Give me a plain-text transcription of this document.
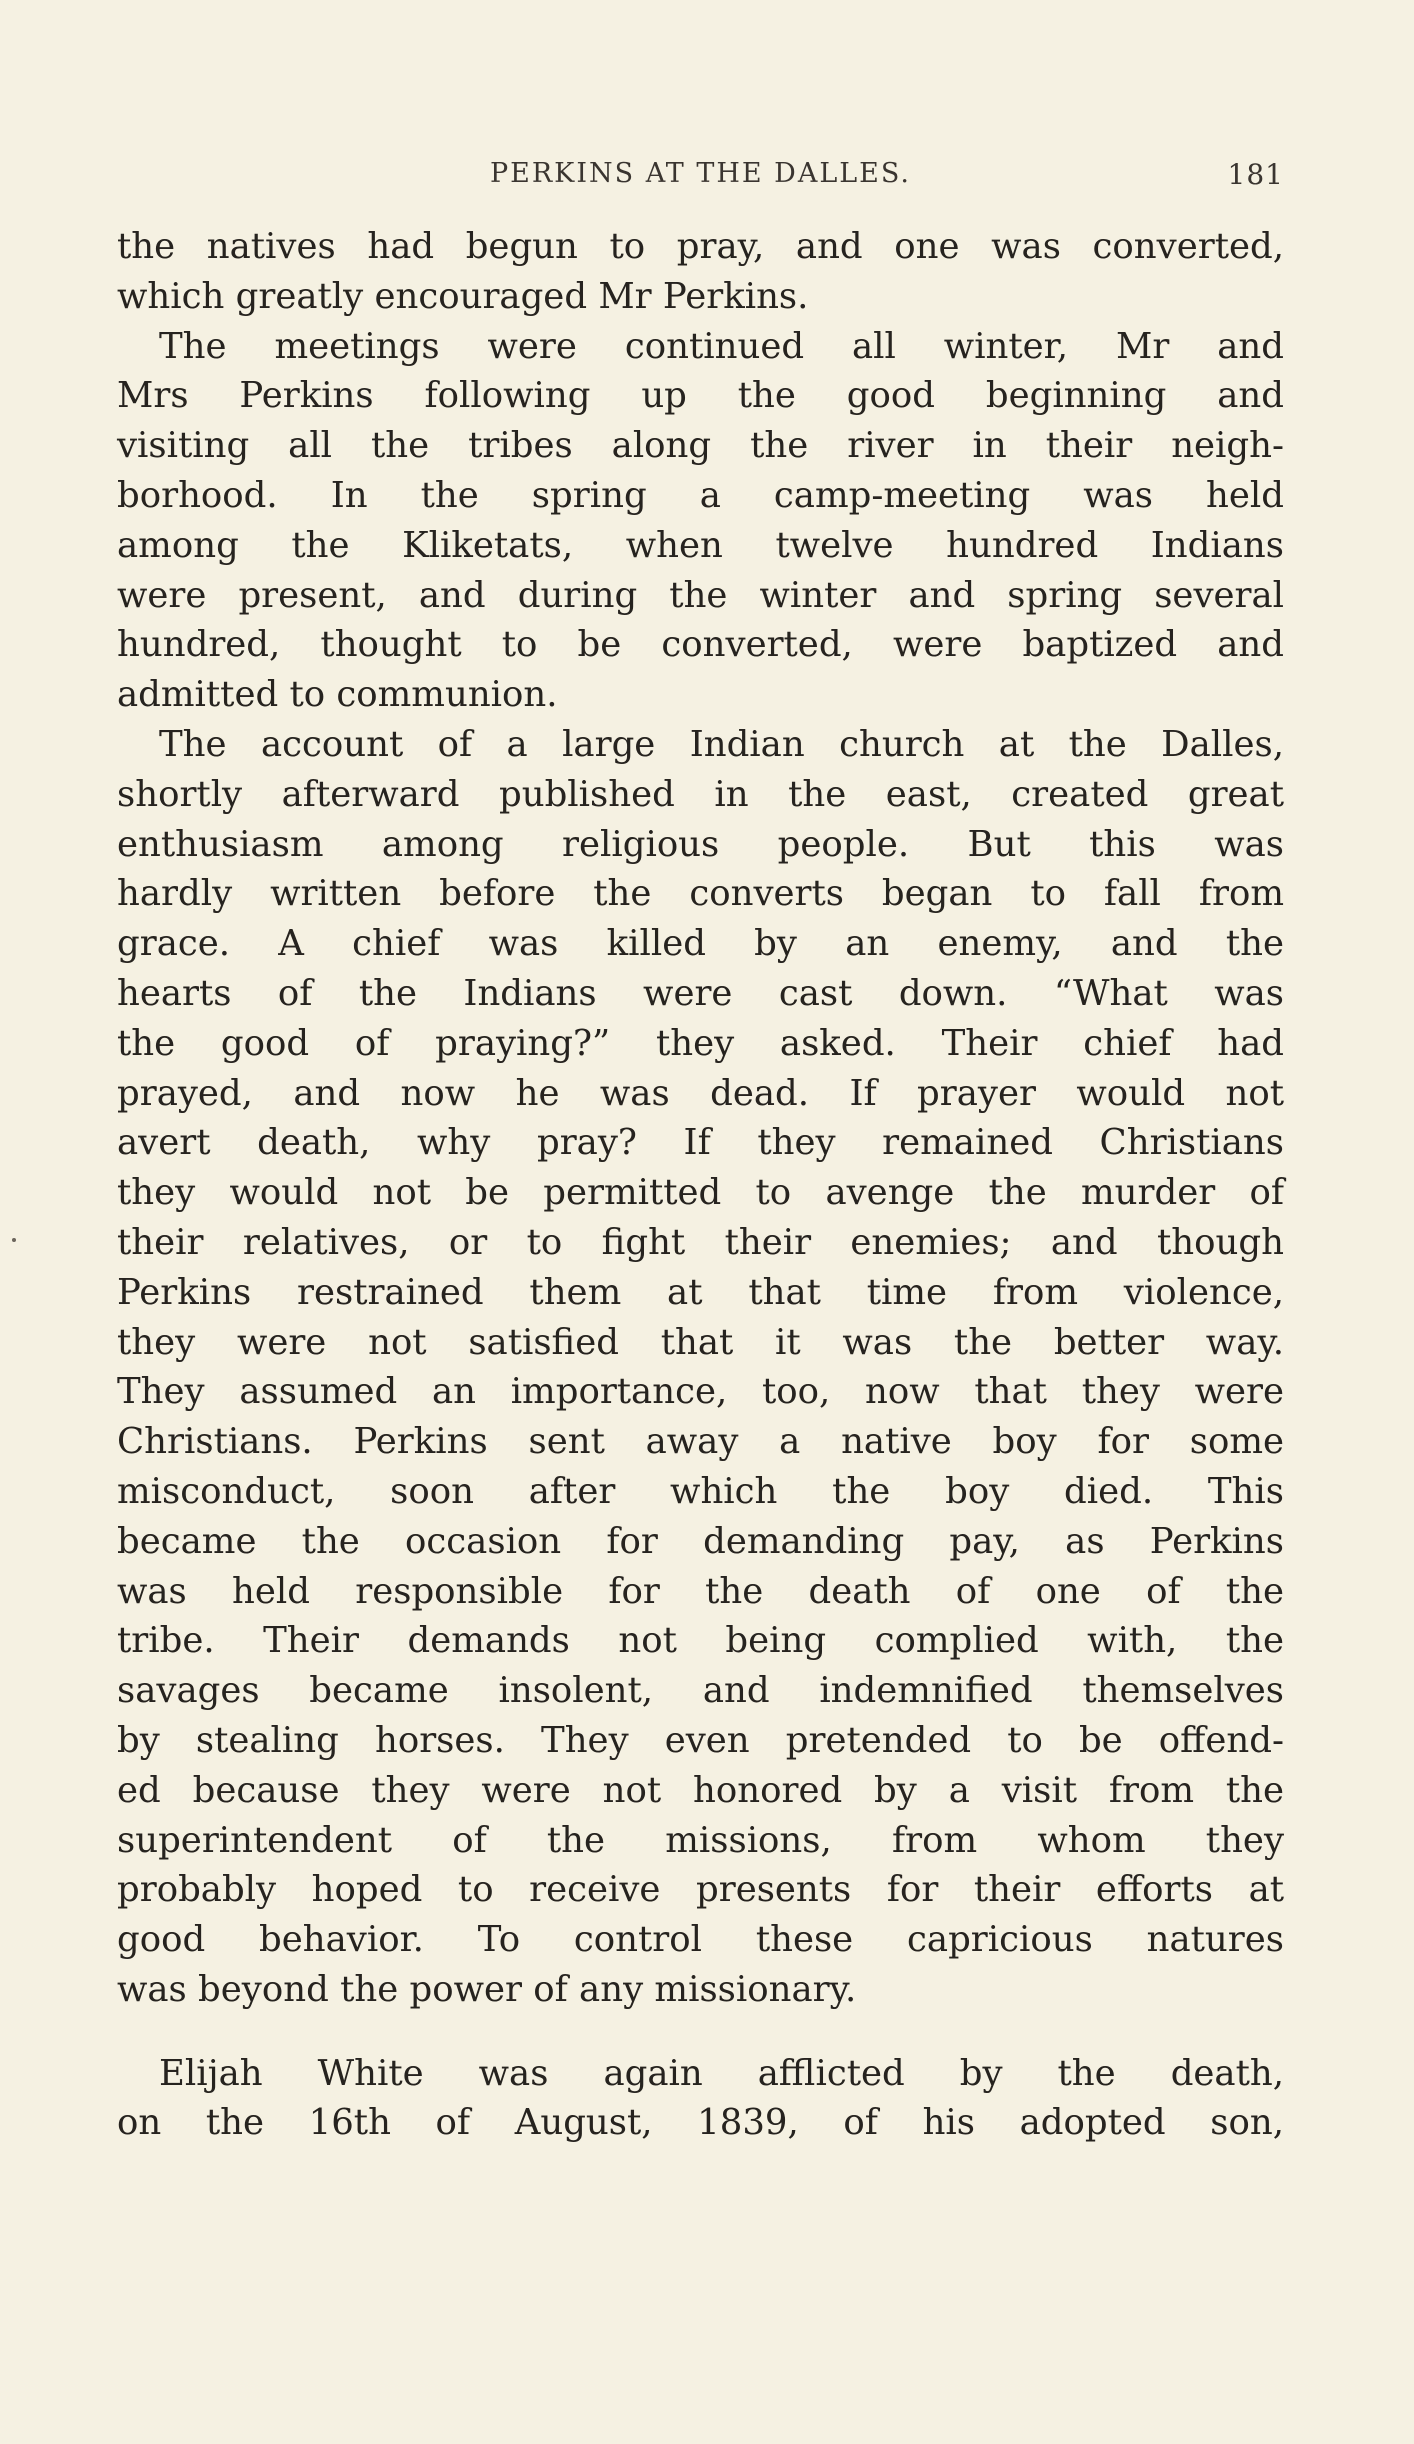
PERKINS AT THE DALLES.	181
the natives had begun to pray, and one was converted,
which greatly encouraged Mr Perkins.
The meetings were continued all winter, Mr and
Mrs Perkins following up the good beginning and
visiting all the tribes along the river in their neigh-
borhood. In the spring a camp-meeting was held
among the Kliketats, when twelve hundred Indians
were present, and during the winter and spring several
hundred, thought to be converted, were baptized and
admitted to communion.
The account of a large Indian church at the Dalles,
shortly afterward published in the east, created great
enthusiasm among religious people. But this was
hardly written before the converts began to fall from
grace. A chief was killed by an enemy, and the
hearts of the Indians were cast down. “What was
the good of praying?” they asked. Their chief had
prayed, and now he was dead. If prayer would not
avert death, why pray? If they remained Christians
they would not be permitted to avenge the murder of
their relatives, or to fight their enemies; and though
Perkins restrained them at that time from violence,
they were not satisfied that it was the better way.
They assumed an importance, too, now that they were
Christians. Perkins sent away a native boy for some
misconduct, soon after which the boy died. This
became the occasion for demanding pay, as Perkins
was held responsible for the death of one of the
tribe. Their demands not being complied with, the
savages became insolent, and indemnified themselves
by stealing horses. They even pretended to be offend-
ed because they were not honored by a visit from the
superintendent of the missions, from whom they
probably hoped to receive presents for their efforts at
good behavior. To control these capricious natures
was beyond the power of any missionary.
Elijah White was again afflicted by the death,
on the 16th of August, 1839, of his adopted son,
